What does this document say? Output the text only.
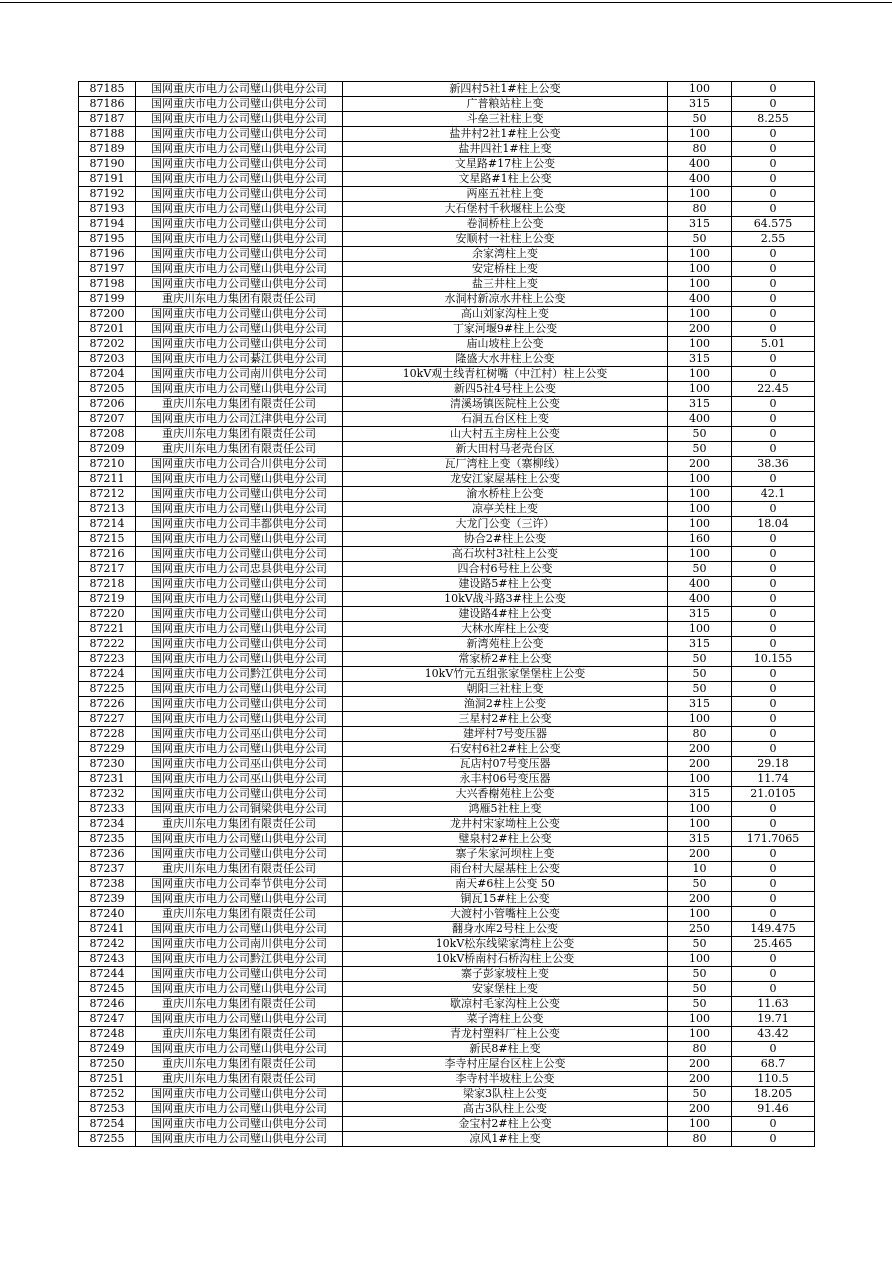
87185	国网重庆市电力公司璧山供电分公司	新四村5社1#柱上公变	100	0
87186	国网重庆市电力公司璧山供电分公司	广普粮站柱上变	315	0
87187	国网重庆市电力公司璧山供电分公司	斗垒三社柱上变	50	8.255
87188	国网重庆市电力公司璧山供电分公司	盐井村2社1#柱上公变	100	0
87189	国网重庆市电力公司璧山供电分公司	盐井四社1#柱上变	80	0
87190	国网重庆市电力公司璧山供电分公司	文星路#17柱上公变	400	0
87191	国网重庆市电力公司璧山供电分公司	文星路#1柱上公变	400	0
87192	国网重庆市电力公司璧山供电分公司	两座五社柱上变	100	0
87193	国网重庆市电力公司璧山供电分公司	大石堡村千秋堰柱上公变	80	0
87194	国网重庆市电力公司璧山供电分公司	卷洞桥柱上公变	315	64.575
87195	国网重庆市电力公司璧山供电分公司	安顺村一社柱上公变	50	2.55
87196	国网重庆市电力公司璧山供电分公司	余家湾柱上变	100	0
87197	国网重庆市电力公司璧山供电分公司	安定桥柱上变	100	0
87198	国网重庆市电力公司璧山供电分公司	盐三井柱上变	100	0
87199	重庆川东电力集团有限责任公司	水洞村新凉水井柱上公变	400	0
87200	国网重庆市电力公司璧山供电分公司	高山刘家沟柱上变	100	0
87201	国网重庆市电力公司璧山供电分公司	丁家河堰9#柱上公变	200	0
87202	国网重庆市电力公司璧山供电分公司	庙山坡柱上公变	100	5.01
87203	国网重庆市电力公司綦江供电分公司	隆盛大水井柱上公变	315	0
87204	国网重庆市电力公司南川供电分公司	10kV观土线青杠树嘴（中江村）柱上公变	100	0
87205	国网重庆市电力公司璧山供电分公司	新四5社4号柱上公变	100	22.45
87206	重庆川东电力集团有限责任公司	清溪场镇医院柱上公变	315	0
87207	国网重庆市电力公司江津供电分公司	石洞五台区柱上变	400	0
87208	重庆川东电力集团有限责任公司	山大村五主房柱上公变	50	0
87209	重庆川东电力集团有限责任公司	新大田村马老壳台区	50	0
87210	国网重庆市电力公司合川供电分公司	瓦厂湾柱上变（寨柳线）	200	38.36
87211	国网重庆市电力公司璧山供电分公司	龙安江家屋基柱上公变	100	0
87212	国网重庆市电力公司璧山供电分公司	渝水桥柱上公变	100	42.1
87213	国网重庆市电力公司璧山供电分公司	凉亭关柱上变	100	0
87214	国网重庆市电力公司丰都供电分公司	大龙门公变（三许）	100	18.04
87215	国网重庆市电力公司璧山供电分公司	协合2#柱上公变	160	0
87216	国网重庆市电力公司璧山供电分公司	高石坎村3社柱上公变	100	0
87217	国网重庆市电力公司忠县供电分公司	四合村6号柱上公变	50	0
87218	国网重庆市电力公司璧山供电分公司	建设路5#柱上公变	400	0
87219	国网重庆市电力公司璧山供电分公司	10kV战斗路3#柱上公变	400	0
87220	国网重庆市电力公司璧山供电分公司	建设路4#柱上公变	315	0
87221	国网重庆市电力公司璧山供电分公司	大林水库柱上公变	100	0
87222	国网重庆市电力公司璧山供电分公司	新湾苑柱上公变	315	0
87223	国网重庆市电力公司璧山供电分公司	常家桥2#柱上公变	50	10.155
87224	国网重庆市电力公司黔江供电分公司	10kV竹元五组张家堡堡柱上公变	50	0
87225	国网重庆市电力公司璧山供电分公司	朝阳三社柱上变	50	0
87226	国网重庆市电力公司璧山供电分公司	渔洞2#柱上公变	315	0
87227	国网重庆市电力公司璧山供电分公司	三星村2#柱上公变	100	0
87228	国网重庆市电力公司巫山供电分公司	建坪村7号变压器	80	0
87229	国网重庆市电力公司璧山供电分公司	石安村6社2#柱上公变	200	0
87230	国网重庆市电力公司巫山供电分公司	瓦店村07号变压器	200	29.18
87231	国网重庆市电力公司巫山供电分公司	永丰村06号变压器	100	11.74
87232	国网重庆市电力公司璧山供电分公司	大兴香榭苑柱上公变	315	21.0105
87233	国网重庆市电力公司铜梁供电分公司	鸿雁5社柱上变	100	0
87234	重庆川东电力集团有限责任公司	龙井村宋家坳柱上公变	100	0
87235	国网重庆市电力公司璧山供电分公司	璧泉村2#柱上公变	315	171.7065
87236	国网重庆市电力公司璧山供电分公司	寨子朱家河坝柱上变	200	0
87237	重庆川东电力集团有限责任公司	雨台村大屋基柱上公变	10	0
87238	国网重庆市电力公司奉节供电分公司	南天#6柱上公变 50	50	0
87239	国网重庆市电力公司璧山供电分公司	铜瓦15#柱上公变	200	0
87240	重庆川东电力集团有限责任公司	大渡村小管嘴柱上公变	100	0
87241	国网重庆市电力公司璧山供电分公司	翻身水库2号柱上公变	250	149.475
87242	国网重庆市电力公司南川供电分公司	10kV松东线梁家湾柱上公变	50	25.465
87243	国网重庆市电力公司黔江供电分公司	10kV桥南村石桥沟柱上公变	100	0
87244	国网重庆市电力公司璧山供电分公司	寨子彭家坡柱上变	50	0
87245	国网重庆市电力公司璧山供电分公司	安家堡柱上变	50	0
87246	重庆川东电力集团有限责任公司	歇凉村毛家沟柱上公变	50	11.63
87247	国网重庆市电力公司璧山供电分公司	菜子湾柱上公变	100	19.71
87248	重庆川东电力集团有限责任公司	青龙村塑料厂柱上公变	100	43.42
87249	国网重庆市电力公司璧山供电分公司	新民8#柱上变	80	0
87250	重庆川东电力集团有限责任公司	李寺村庄屋台区柱上公变	200	68.7
87251	重庆川东电力集团有限责任公司	李寺村半坡柱上公变	200	110.5
87252	国网重庆市电力公司璧山供电分公司	梁家3队柱上公变	50	18.205
87253	国网重庆市电力公司璧山供电分公司	高古3队柱上公变	200	91.46
87254	国网重庆市电力公司璧山供电分公司	金宝村2#柱上公变	100	0
87255	国网重庆市电力公司璧山供电分公司	凉风1#柱上变	80	0
